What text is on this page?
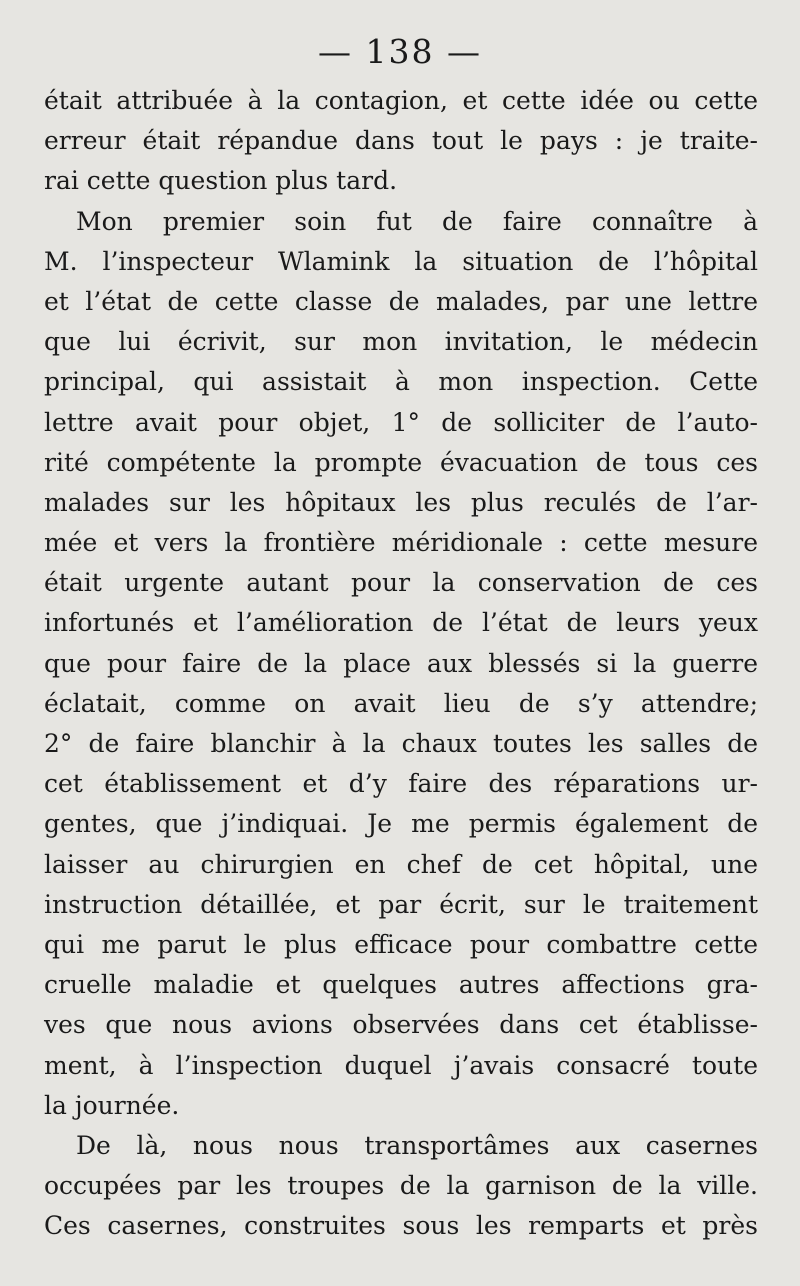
— 138 —
était attribuée à la contagion, et cette idée ou cette
erreur était répandue dans tout le pays : je traite-
rai cette question plus tard.
Mon premier soin fut de faire connaître à
M. l’inspecteur Wlamink la situation de l’hôpital
et l’état de cette classe de malades, par une lettre
que lui écrivit, sur mon invitation, le médecin
principal, qui assistait à mon inspection. Cette
lettre avait pour objet, 1° de solliciter de l’auto-
rité compétente la prompte évacuation de tous ces
malades sur les hôpitaux les plus reculés de l’ar-
mée et vers la frontière méridionale : cette mesure
était urgente autant pour la conservation de ces
infortunés et l’amélioration de l’état de leurs yeux
que pour faire de la place aux blessés si la guerre
éclatait, comme on avait lieu de s’y attendre;
2° de faire blanchir à la chaux toutes les salles de
cet établissement et d’y faire des réparations ur-
gentes, que j’indiquai. Je me permis également de
laisser au chirurgien en chef de cet hôpital, une
instruction détaillée, et par écrit, sur le traitement
qui me parut le plus efficace pour combattre cette
cruelle maladie et quelques autres affections gra-
ves que nous avions observées dans cet établisse-
ment, à l’inspection duquel j’avais consacré toute
la journée.
De là, nous nous transportâmes aux casernes
occupées par les troupes de la garnison de la ville.
Ces casernes, construites sous les remparts et près
